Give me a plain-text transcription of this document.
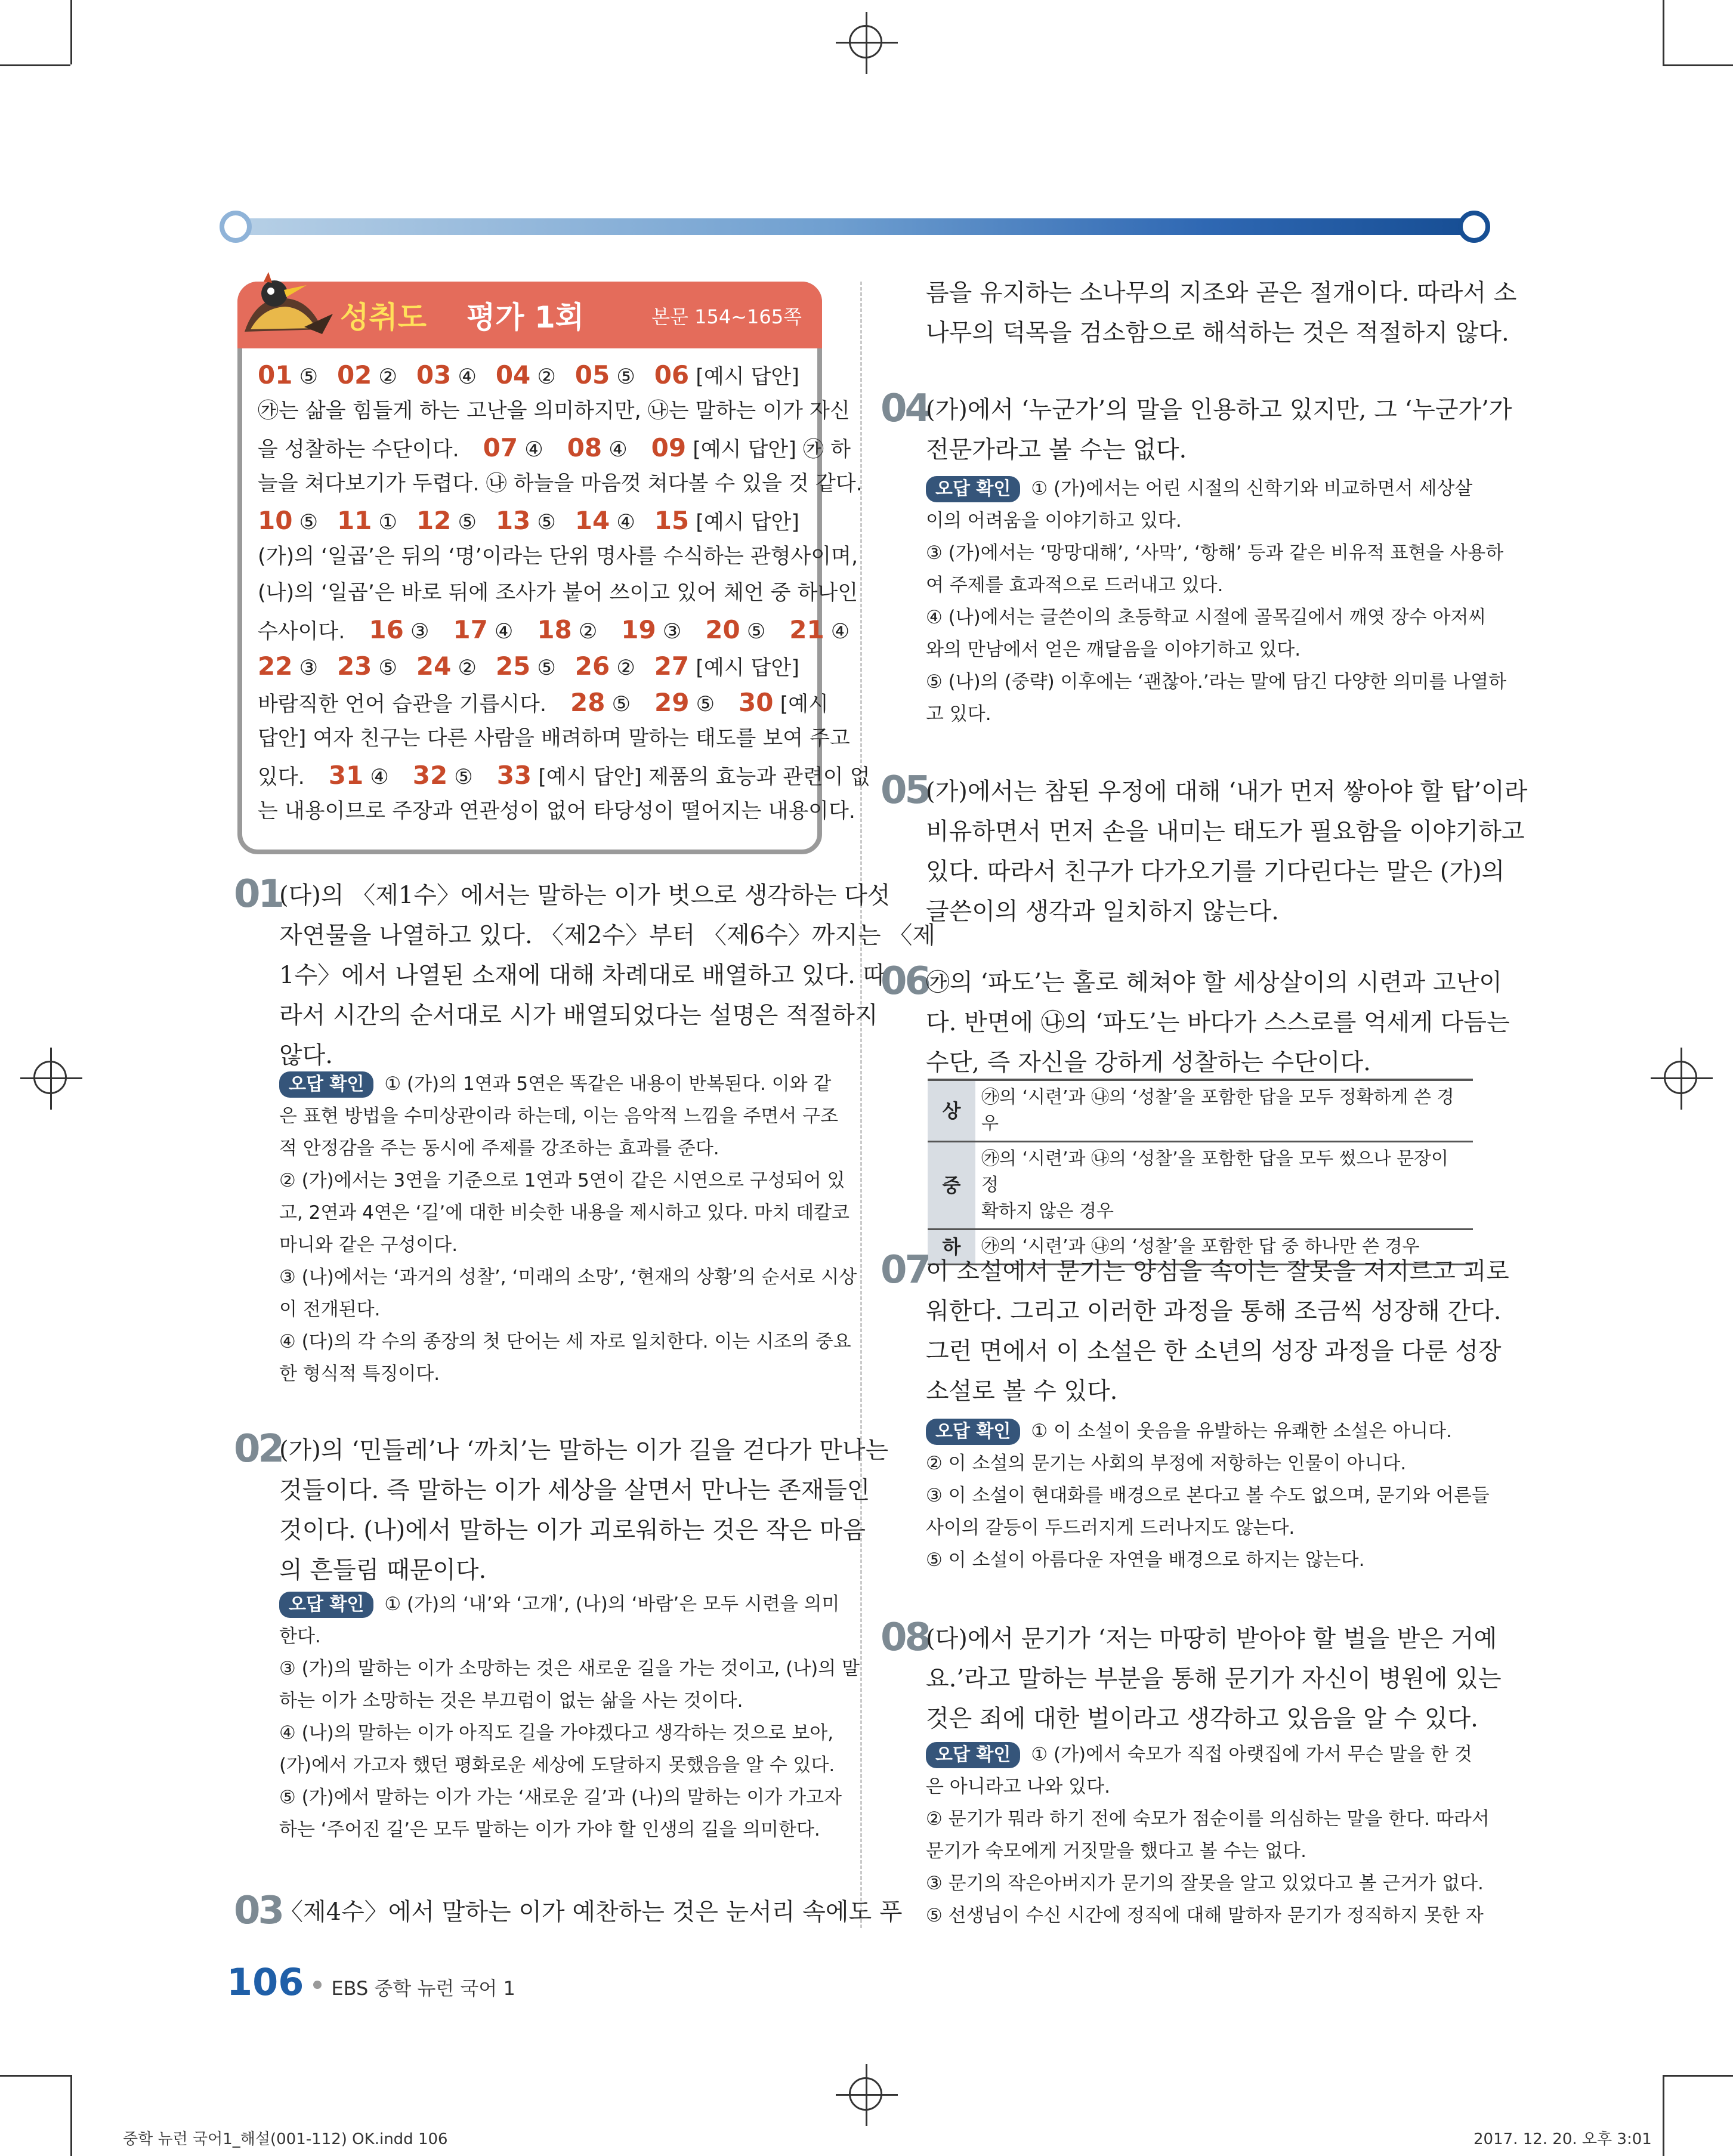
성취도 평가 1회	본문 154~165쪽
01 ⑤ 02 ② 03 ④ 04 ② 05 ⑤ 06 [예시 답안]
㉮는 삶을 힘들게 하는 고난을 의미하지만, ㉯는 말하는 이가 자신
을 성찰하는 수단이다. 07 ④ 08 ④ 09 [예시 답안] ㉮ 하
늘을 쳐다보기가 두렵다. ㉯ 하늘을 마음껏 쳐다볼 수 있을 것 같다.
10 ⑤ 11 ① 12 ⑤ 13 ⑤ 14 ④ 15 [예시 답안]
(가)의 ‘일곱’은 뒤의 ‘명’이라는 단위 명사를 수식하는 관형사이며,
(나)의 ‘일곱’은 바로 뒤에 조사가 붙어 쓰이고 있어 체언 중 하나인
수사이다. 16 ③ 17 ④ 18 ② 19 ③ 20 ⑤ 21 ④
22 ③ 23 ⑤ 24 ② 25 ⑤ 26 ② 27 [예시 답안]
바람직한 언어 습관을 기릅시다. 28 ⑤ 29 ⑤ 30 [예시
답안] 여자 친구는 다른 사람을 배려하며 말하는 태도를 보여 주고
있다. 31 ④ 32 ⑤ 33 [예시 답안] 제품의 효능과 관련이 없
는 내용이므로 주장과 연관성이 없어 타당성이 떨어지는 내용이다.
01
(다)의 〈제1수〉에서는 말하는 이가 벗으로 생각하는 다섯
자연물을 나열하고 있다. 〈제2수〉부터 〈제6수〉까지는 〈제
1수〉에서 나열된 소재에 대해 차례대로 배열하고 있다. 따
라서 시간의 순서대로 시가 배열되었다는 설명은 적절하지
않다.
오답 확인 ① (가)의 1연과 5연은 똑같은 내용이 반복된다. 이와 같
은 표현 방법을 수미상관이라 하는데, 이는 음악적 느낌을 주면서 구조
적 안정감을 주는 동시에 주제를 강조하는 효과를 준다.
② (가)에서는 3연을 기준으로 1연과 5연이 같은 시연으로 구성되어 있
고, 2연과 4연은 ‘길’에 대한 비슷한 내용을 제시하고 있다. 마치 데칼코
마니와 같은 구성이다.
③ (나)에서는 ‘과거의 성찰’, ‘미래의 소망’, ‘현재의 상황’의 순서로 시상
이 전개된다.
④ (다)의 각 수의 종장의 첫 단어는 세 자로 일치한다. 이는 시조의 중요
한 형식적 특징이다.
02
(가)의 ‘민들레’나 ‘까치’는 말하는 이가 길을 걷다가 만나는
것들이다. 즉 말하는 이가 세상을 살면서 만나는 존재들인
것이다. (나)에서 말하는 이가 괴로워하는 것은 작은 마음
의 흔들림 때문이다.
오답 확인 ① (가)의 ‘내’와 ‘고개’, (나)의 ‘바람’은 모두 시련을 의미
한다.
③ (가)의 말하는 이가 소망하는 것은 새로운 길을 가는 것이고, (나)의 말
하는 이가 소망하는 것은 부끄럼이 없는 삶을 사는 것이다.
④ (나)의 말하는 이가 아직도 길을 가야겠다고 생각하는 것으로 보아,
(가)에서 가고자 했던 평화로운 세상에 도달하지 못했음을 알 수 있다.
⑤ (가)에서 말하는 이가 가는 ‘새로운 길’과 (나)의 말하는 이가 가고자
하는 ‘주어진 길’은 모두 말하는 이가 가야 할 인생의 길을 의미한다.
03
〈제4수〉에서 말하는 이가 예찬하는 것은 눈서리 속에도 푸
름을 유지하는 소나무의 지조와 곧은 절개이다. 따라서 소
나무의 덕목을 검소함으로 해석하는 것은 적절하지 않다.
04
(가)에서 ‘누군가’의 말을 인용하고 있지만, 그 ‘누군가’가
전문가라고 볼 수는 없다.
오답 확인 ① (가)에서는 어린 시절의 신학기와 비교하면서 세상살
이의 어려움을 이야기하고 있다.
③ (가)에서는 ‘망망대해’, ‘사막’, ‘항해’ 등과 같은 비유적 표현을 사용하
여 주제를 효과적으로 드러내고 있다.
④ (나)에서는 글쓴이의 초등학교 시절에 골목길에서 깨엿 장수 아저씨
와의 만남에서 얻은 깨달음을 이야기하고 있다.
⑤ (나)의 (중략) 이후에는 ‘괜찮아.’라는 말에 담긴 다양한 의미를 나열하
고 있다.
05
(가)에서는 참된 우정에 대해 ‘내가 먼저 쌓아야 할 탑’이라
비유하면서 먼저 손을 내미는 태도가 필요함을 이야기하고
있다. 따라서 친구가 다가오기를 기다린다는 말은 (가)의
글쓴이의 생각과 일치하지 않는다.
06
㉮의 ‘파도’는 홀로 헤쳐야 할 세상살이의 시련과 고난이
다. 반면에 ㉯의 ‘파도’는 바다가 스스로를 억세게 다듬는
수단, 즉 자신을 강하게 성찰하는 수단이다.
상	㉮의 ‘시련’과 ㉯의 ‘성찰’을 포함한 답을 모두 정확하게 쓴 경우

중	㉮의 ‘시련’과 ㉯의 ‘성찰’을 포함한 답을 모두 썼으나 문장이 정
확하지 않은 경우

하	㉮의 ‘시련’과 ㉯의 ‘성찰’을 포함한 답 중 하나만 쓴 경우
07
이 소설에서 문기는 양심을 속이는 잘못을 저지르고 괴로
워한다. 그리고 이러한 과정을 통해 조금씩 성장해 간다.
그런 면에서 이 소설은 한 소년의 성장 과정을 다룬 성장
소설로 볼 수 있다.
오답 확인 ① 이 소설이 웃음을 유발하는 유쾌한 소설은 아니다.
② 이 소설의 문기는 사회의 부정에 저항하는 인물이 아니다.
③ 이 소설이 현대화를 배경으로 본다고 볼 수도 없으며, 문기와 어른들
사이의 갈등이 두드러지게 드러나지도 않는다.
⑤ 이 소설이 아름다운 자연을 배경으로 하지는 않는다.
08
(다)에서 문기가 ‘저는 마땅히 받아야 할 벌을 받은 거예
요.’라고 말하는 부분을 통해 문기가 자신이 병원에 있는
것은 죄에 대한 벌이라고 생각하고 있음을 알 수 있다.
오답 확인 ① (가)에서 숙모가 직접 아랫집에 가서 무슨 말을 한 것
은 아니라고 나와 있다.
② 문기가 뭐라 하기 전에 숙모가 점순이를 의심하는 말을 한다. 따라서
문기가 숙모에게 거짓말을 했다고 볼 수는 없다.
③ 문기의 작은아버지가 문기의 잘못을 알고 있었다고 볼 근거가 없다.
⑤ 선생님이 수신 시간에 정직에 대해 말하자 문기가 정직하지 못한 자
106 EBS 중학 뉴런 국어 1
중학 뉴런 국어1_해설(001-112) OK.indd 106	2017. 12. 20. 오후 3:01
